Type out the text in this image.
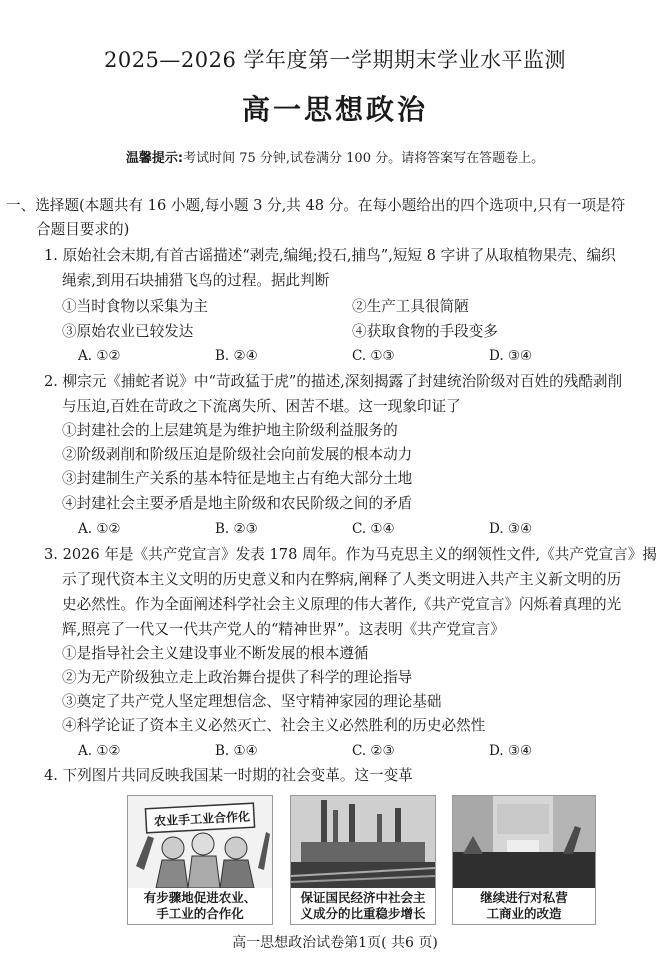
2025—2026 学年度第一学期期末学业水平监测
高一思想政治
温馨提示:考试时间 75 分钟,试卷满分 100 分。请将答案写在答题卷上。
一、选择题(本题共有 16 小题,每小题 3 分,共 48 分。在每小题给出的四个选项中,只有一项是符
合题目要求的)
1. 原始社会末期,有首古谣描述“剥壳,编绳;投石,捕鸟”,短短 8 字讲了从取植物果壳、编织
绳索,到用石块捕猎飞鸟的过程。据此判断
①当时食物以采集为主	②生产工具很简陋
③原始农业已较发达	④获取食物的手段变多
A. ①②	B. ②④	C. ①③	D. ③④
2. 柳宗元《捕蛇者说》中“苛政猛于虎”的描述,深刻揭露了封建统治阶级对百姓的残酷剥削
与压迫,百姓在苛政之下流离失所、困苦不堪。这一现象印证了
①封建社会的上层建筑是为维护地主阶级利益服务的
②阶级剥削和阶级压迫是阶级社会向前发展的根本动力
③封建制生产关系的基本特征是地主占有绝大部分土地
④封建社会主要矛盾是地主阶级和农民阶级之间的矛盾
A. ①②	B. ②③	C. ①④	D. ③④
3. 2026 年是《共产党宣言》发表 178 周年。作为马克思主义的纲领性文件,《共产党宣言》揭
示了现代资本主义文明的历史意义和内在弊病,阐释了人类文明进入共产主义新文明的历
史必然性。作为全面阐述科学社会主义原理的伟大著作,《共产党宣言》闪烁着真理的光
辉,照亮了一代又一代共产党人的“精神世界”。这表明《共产党宣言》
①是指导社会主义建设事业不断发展的根本遵循
②为无产阶级独立走上政治舞台提供了科学的理论指导
③奠定了共产党人坚定理想信念、坚守精神家园的理论基础
④科学论证了资本主义必然灭亡、社会主义必然胜利的历史必然性
A. ①②	B. ①④	C. ②③	D. ③④
4. 下列图片共同反映我国某一时期的社会变革。这一变革
农业手工业合作化
有步骤地促进农业、
手工业的合作化
保证国民经济中社会主
义成分的比重稳步增长
继续进行对私营
工商业的改造
高一思想政治试卷第1页( 共6 页)
